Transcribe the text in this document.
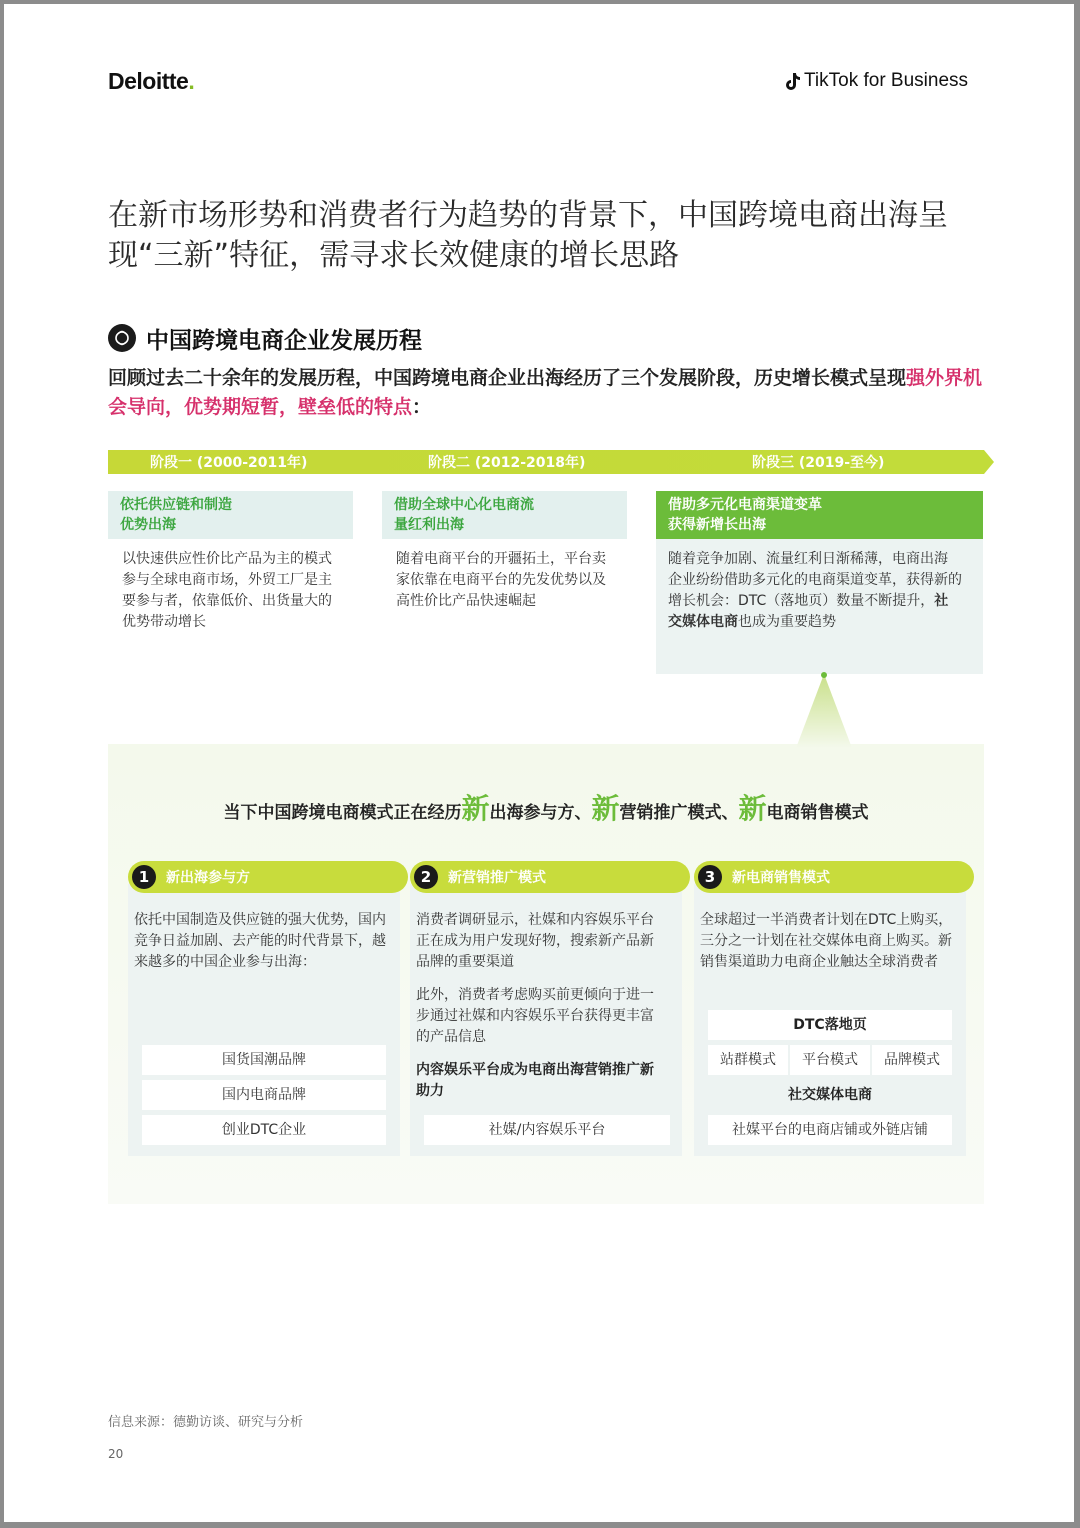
Deloitte.	TikTok for Business
在新市场形势和消费者行为趋势的背景下，中国跨境电商出海呈现“三新”特征，需寻求长效健康的增长思路
中国跨境电商企业发展历程
回顾过去二十余年的发展历程，中国跨境电商企业出海经历了三个发展阶段，历史增长模式呈现强外界机会导向，优势期短暂，壁垒低的特点：
阶段一 (2000-2011年)	阶段二 (2012-2018年)	阶段三 (2019-至今)
依托供应链和制造
优势出海
以快速供应性价比产品为主的模式
参与全球电商市场，外贸工厂是主
要参与者，依靠低价、出货量大的
优势带动增长
借助全球中心化电商流
量红利出海
随着电商平台的开疆拓土，平台卖
家依靠在电商平台的先发优势以及
高性价比产品快速崛起
借助多元化电商渠道变革
获得新增长出海
随着竞争加剧、流量红利日渐稀薄，电商出海
企业纷纷借助多元化的电商渠道变革，获得新的
增长机会：DTC（落地页）数量不断提升，社
交媒体电商也成为重要趋势
当下中国跨境电商模式正在经历新出海参与方、新营销推广模式、新电商销售模式
1	新出海参与方
依托中国制造及供应链的强大优势，国内
竞争日益加剧、去产能的时代背景下，越
来越多的中国企业参与出海：
国货国潮品牌
国内电商品牌
创业DTC企业
2	新营销推广模式
消费者调研显示，社媒和内容娱乐平台
正在成为用户发现好物，搜索新产品新
品牌的重要渠道
此外，消费者考虑购买前更倾向于进一
步通过社媒和内容娱乐平台获得更丰富
的产品信息
内容娱乐平台成为电商出海营销推广新
助力
社媒/内容娱乐平台
3	新电商销售模式
全球超过一半消费者计划在DTC上购买，
三分之一计划在社交媒体电商上购买。新
销售渠道助力电商企业触达全球消费者
DTC落地页
站群模式	平台模式	品牌模式
社交媒体电商
社媒平台的电商店铺或外链店铺
信息来源：德勤访谈、研究与分析
20
